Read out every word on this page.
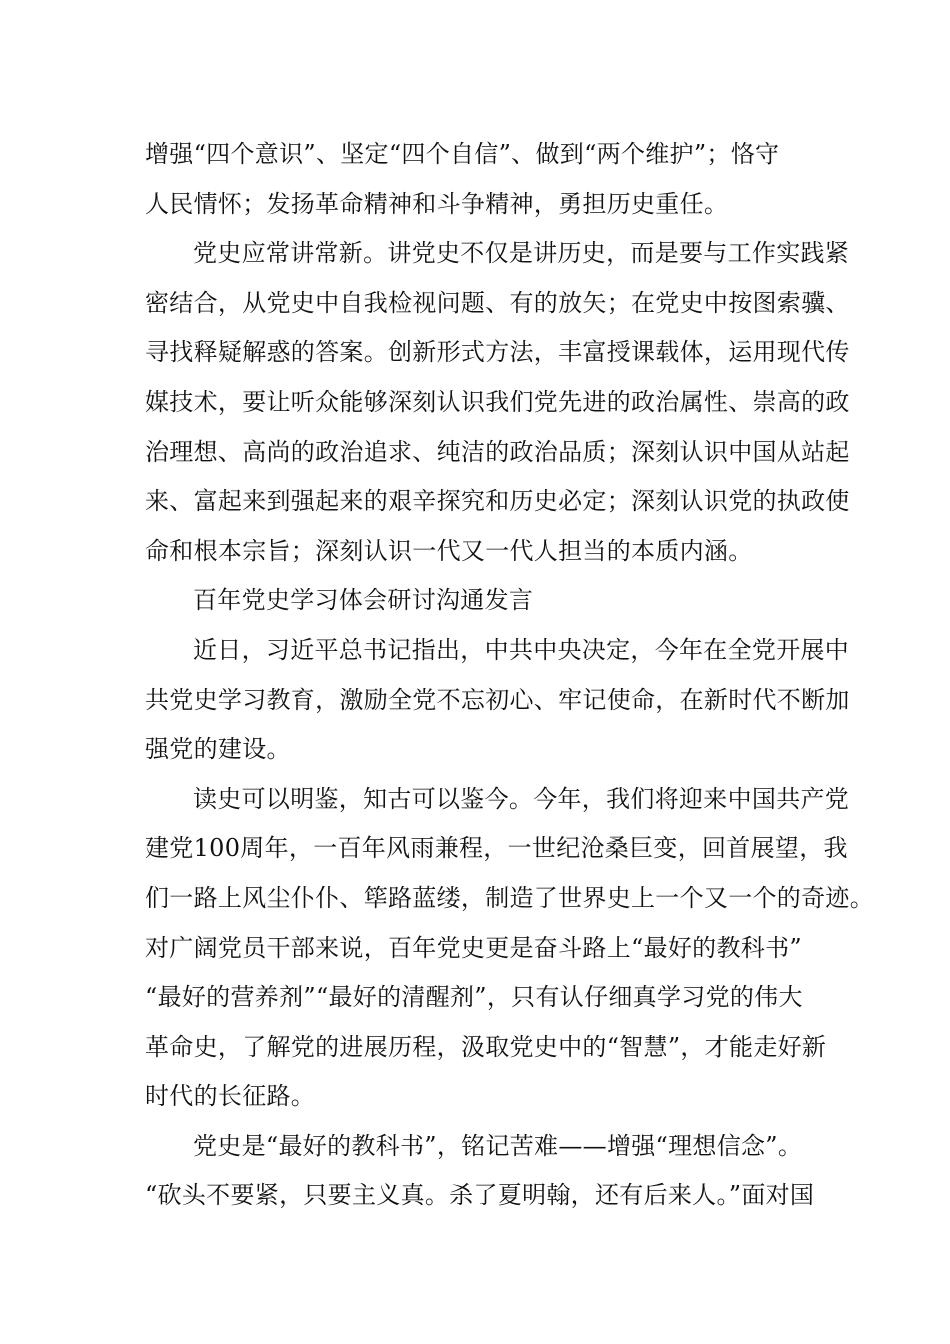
增强“四个意识”、坚定“四个自信”、做到“两个维护”；恪守
人民情怀；发扬革命精神和斗争精神，勇担历史重任。
党史应常讲常新。讲党史不仅是讲历史，而是要与工作实践紧
密结合，从党史中自我检视问题、有的放矢；在党史中按图索骥、
寻找释疑解惑的答案。创新形式方法，丰富授课载体，运用现代传
媒技术，要让听众能够深刻认识我们党先进的政治属性、崇高的政
治理想、高尚的政治追求、纯洁的政治品质；深刻认识中国从站起
来、富起来到强起来的艰辛探究和历史必定；深刻认识党的执政使
命和根本宗旨；深刻认识一代又一代人担当的本质内涵。
百年党史学习体会研讨沟通发言
近日，习近平总书记指出，中共中央决定，今年在全党开展中
共党史学习教育，激励全党不忘初心、牢记使命，在新时代不断加
强党的建设。
读史可以明鉴，知古可以鉴今。今年，我们将迎来中国共产党
建党100周年，一百年风雨兼程，一世纪沧桑巨变，回首展望，我
们一路上风尘仆仆、筚路蓝缕，制造了世界史上一个又一个的奇迹。
对广阔党员干部来说，百年党史更是奋斗路上“最好的教科书”
“最好的营养剂”“最好的清醒剂”，只有认仔细真学习党的伟大
革命史，了解党的进展历程，汲取党史中的“智慧”，才能走好新
时代的长征路。
党史是“最好的教科书”，铭记苦难——增强“理想信念”。
“砍头不要紧，只要主义真。杀了夏明翰，还有后来人。”面对国
